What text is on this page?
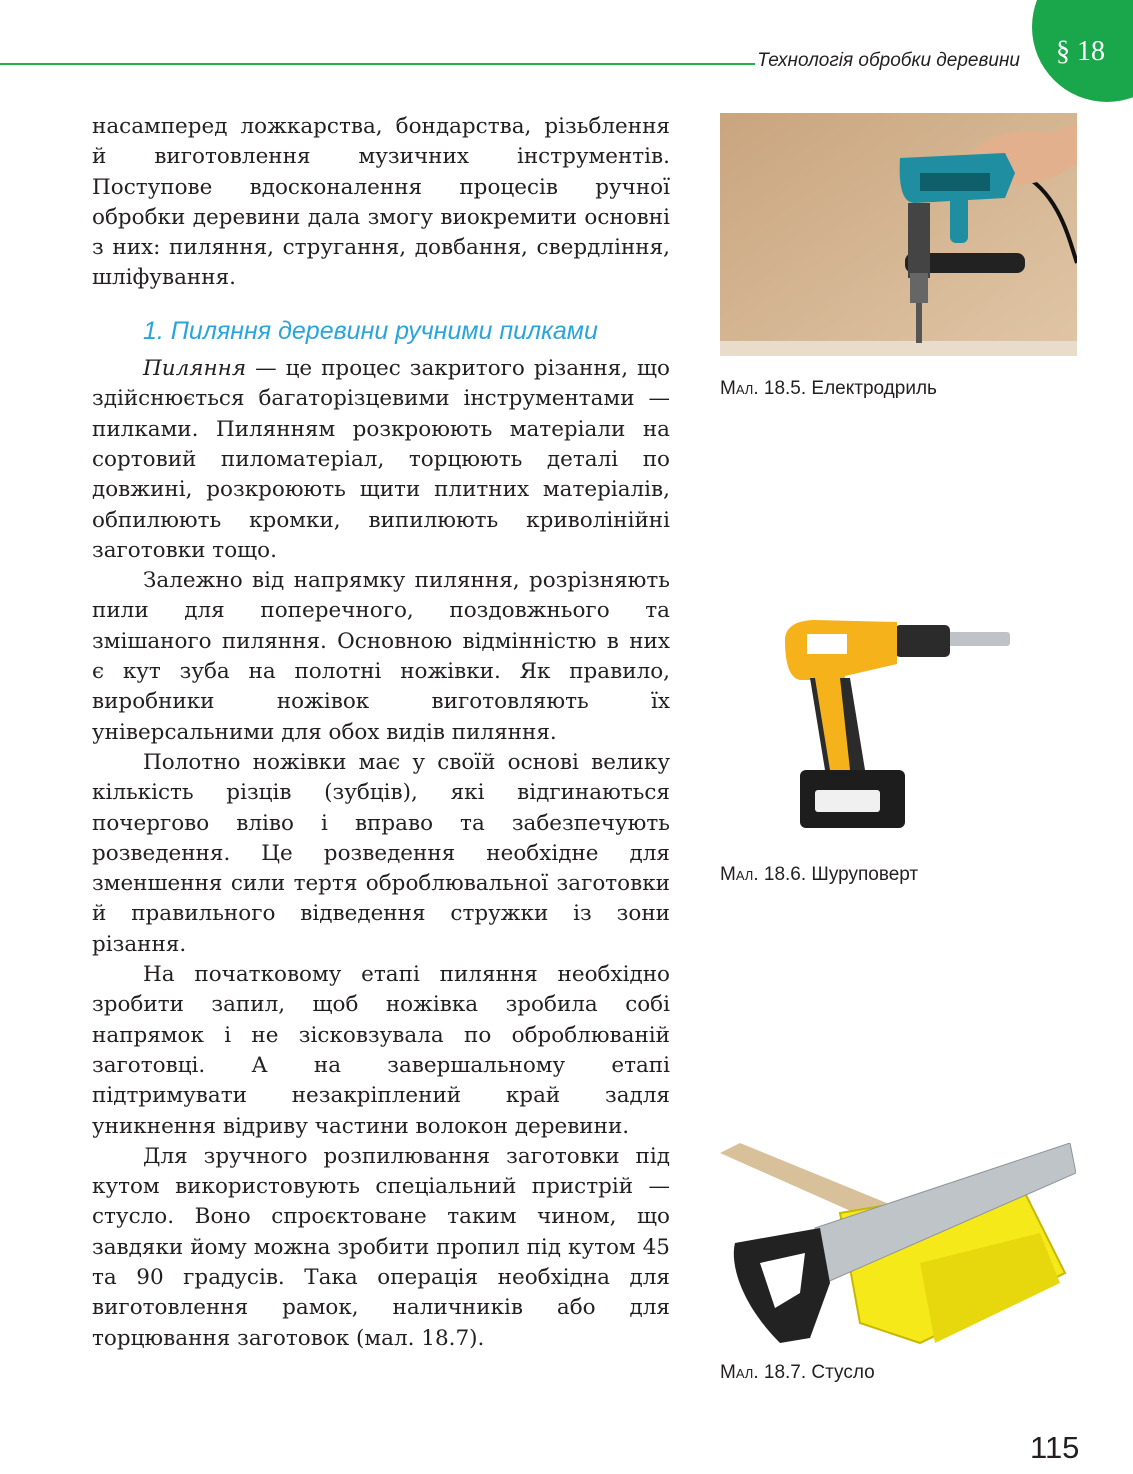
Технологія обробки деревини § 18

насамперед ложкарства, бондарства, різьблення й виготовлення музичних інструментів. Поступове вдосконалення процесів ручної обробки деревини дала змогу виокремити основні з них: пиляння, стругання, довбання, свердління, шліфування.

1. Пиляння деревини ручними пилками

Пиляння — це процес закритого різання, що здійснюється багаторізцевими інструментами — пилками. Пилянням розкроюють матеріали на сортовий пиломатеріал, торцюють деталі по довжині, розкроюють щити плитних матеріалів, обпилюють кромки, випилюють криволінійні заготовки тощо.

Залежно від напрямку пиляння, розрізняють пили для поперечного, поздовжнього та змішаного пиляння. Основною відмінністю в них є кут зуба на полотні ножівки. Як правило, виробники ножівок виготовляють їх універсальними для обох видів пиляння.

Полотно ножівки має у своїй основі велику кількість різців (зубців), які відгинаються почергово вліво і вправо та забезпечують розведення. Це розведення необхідне для зменшення сили тертя оброблювальної заготовки й правильного відведення стружки із зони різання.

На початковому етапі пиляння необхідно зробити запил, щоб ножівка зробила собі напрямок і не зісковзувала по оброблюваній заготовці. А на завершальному етапі підтримувати незакріплений край задля уникнення відриву частини волокон деревини.

Для зручного розпилювання заготовки під кутом використовують спеціальний пристрій — стусло. Воно спроєктоване таким чином, що завдяки йому можна зробити пропил під кутом 45 та 90 градусів. Така операція необхідна для виготовлення рамок, наличників або для торцювання заготовок (мал. 18.7).

Мал. 18.5. Електродриль
Мал. 18.6. Шуруповерт
Мал. 18.7. Стусло
115
